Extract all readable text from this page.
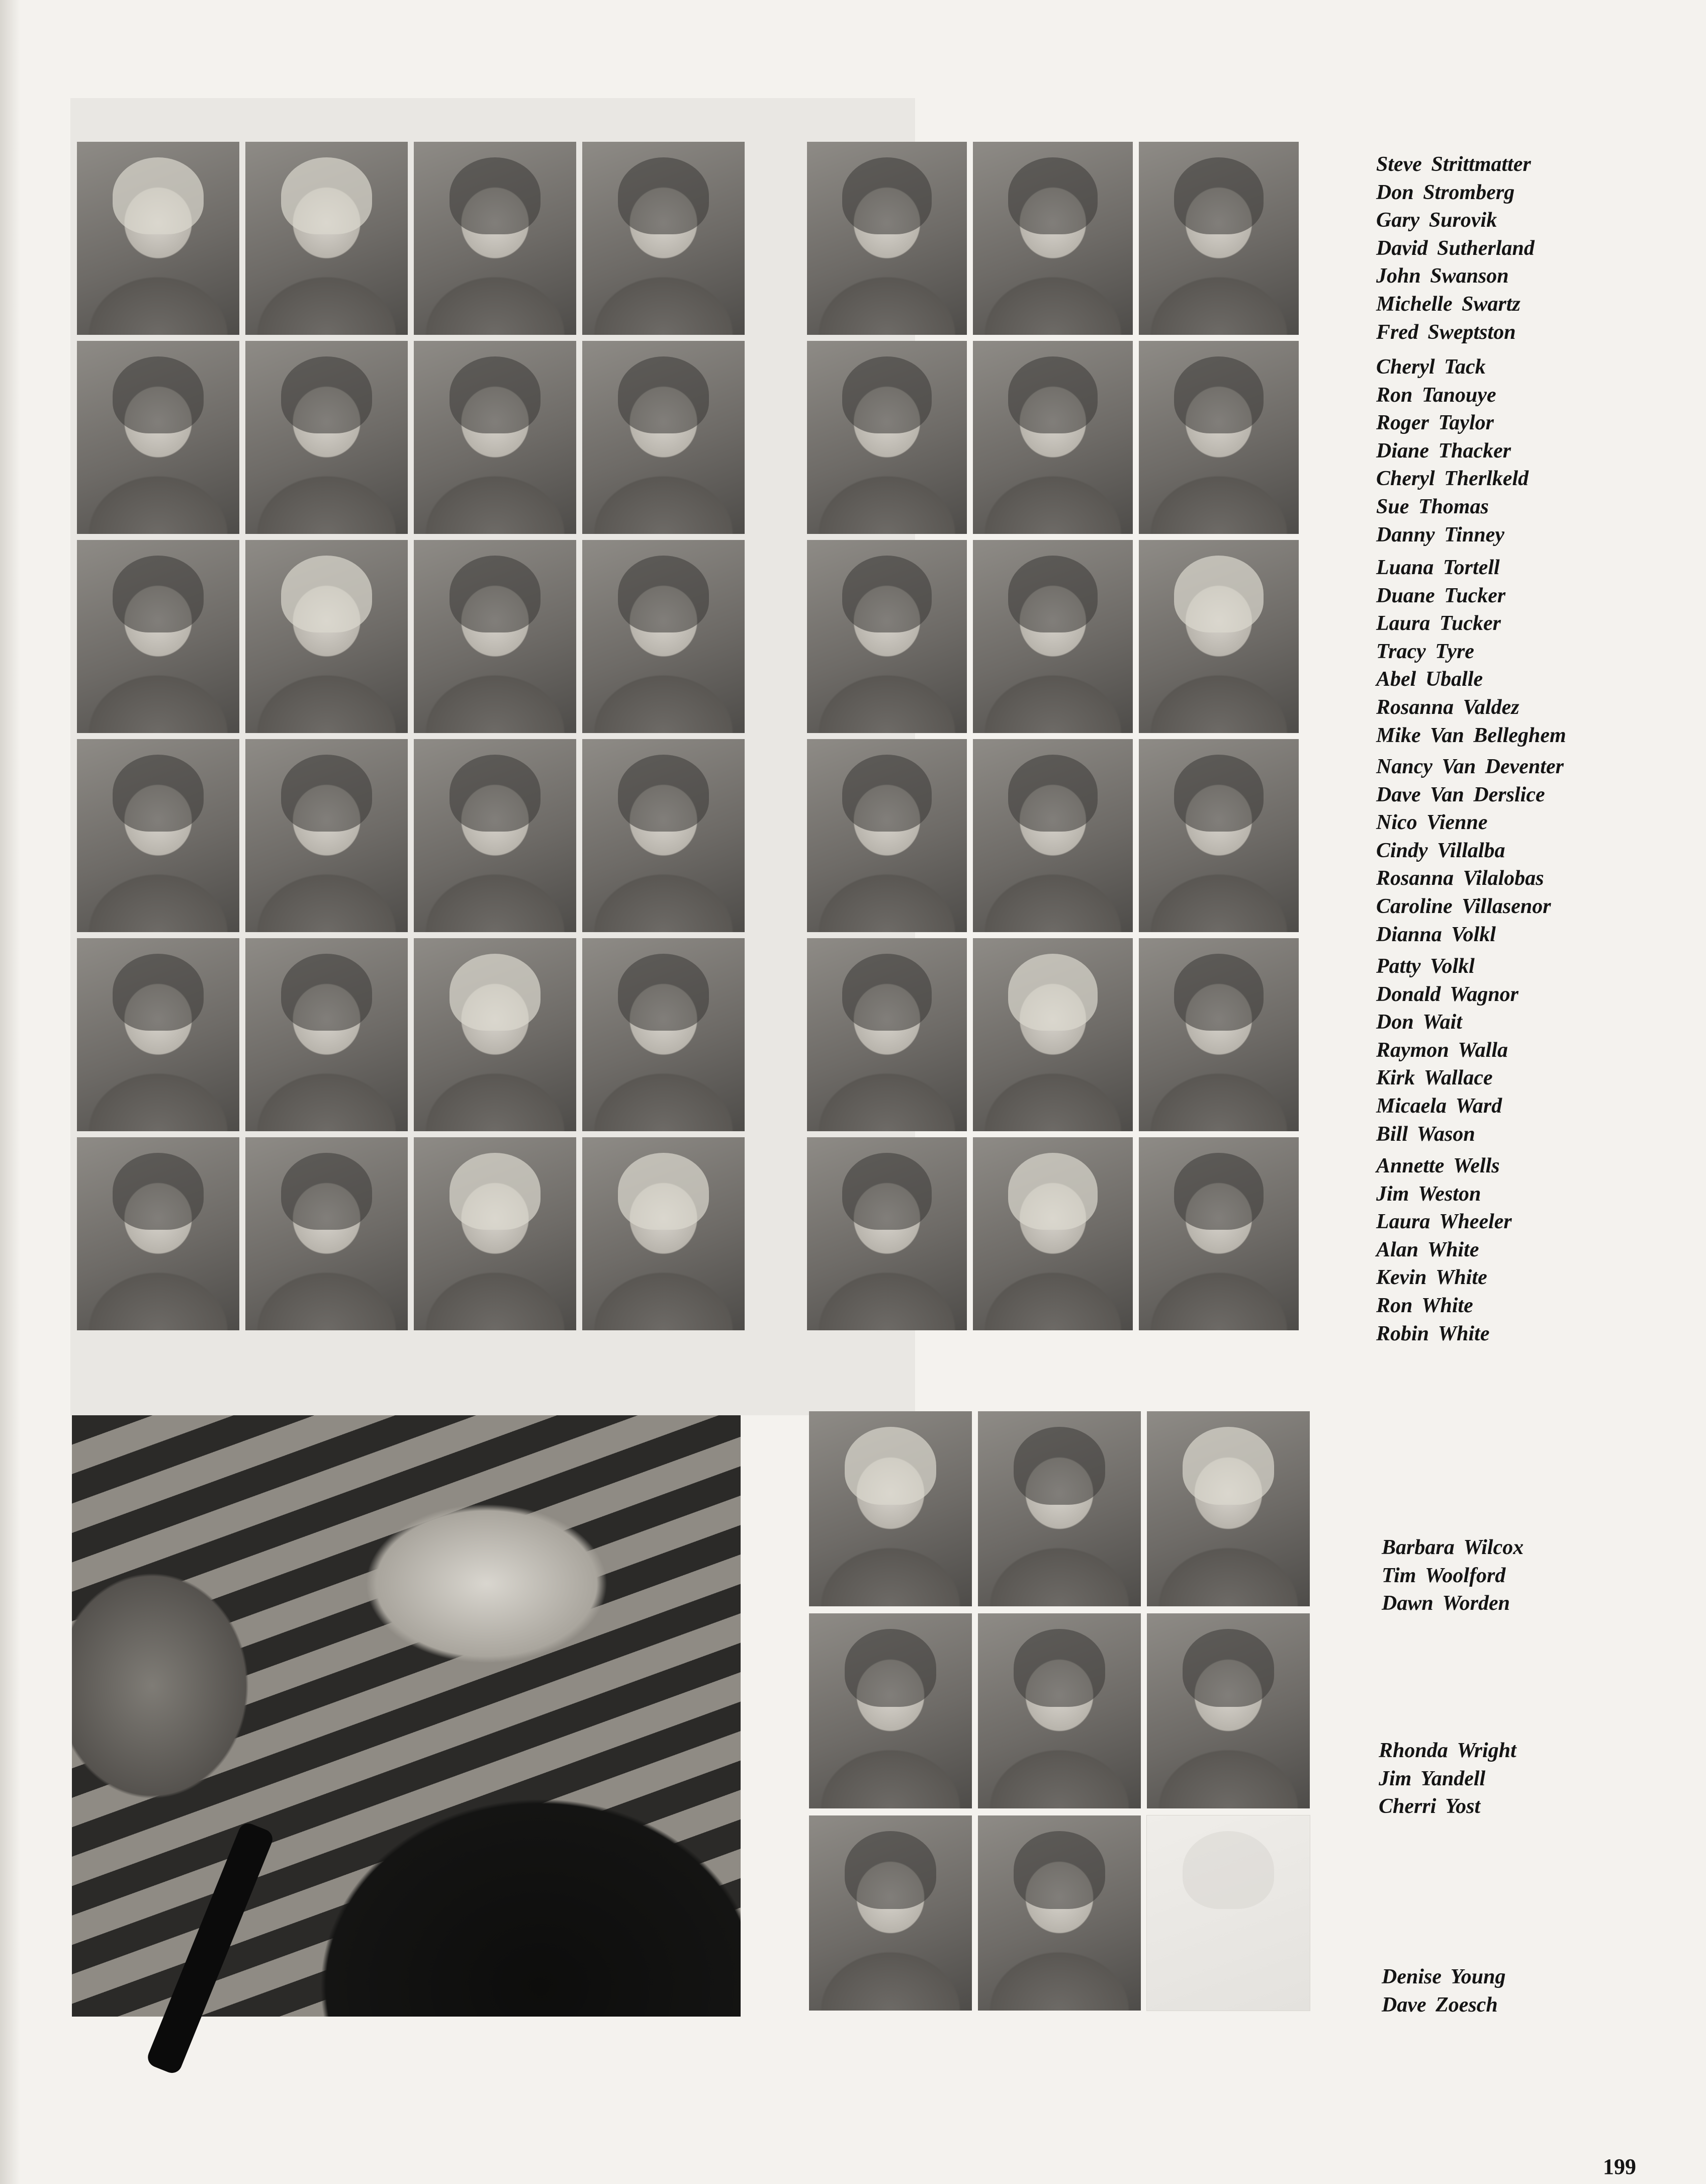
Steve Strittmatter
Don Stromberg
Gary Surovik
David Sutherland
John Swanson
Michelle Swartz
Fred Sweptston
Cheryl Tack
Ron Tanouye
Roger Taylor
Diane Thacker
Cheryl Therlkeld
Sue Thomas
Danny Tinney
Luana Tortell
Duane Tucker
Laura Tucker
Tracy Tyre
Abel Uballe
Rosanna Valdez
Mike Van Belleghem
Nancy Van Deventer
Dave Van Derslice
Nico Vienne
Cindy Villalba
Rosanna Vilalobas
Caroline Villasenor
Dianna Volkl
Patty Volkl
Donald Wagnor
Don Wait
Raymon Walla
Kirk Wallace
Micaela Ward
Bill Wason
Annette Wells
Jim Weston
Laura Wheeler
Alan White
Kevin White
Ron White
Robin White
Barbara Wilcox
Tim Woolford
Dawn Worden
Rhonda Wright
Jim Yandell
Cherri Yost
Denise Young
Dave Zoesch
199
